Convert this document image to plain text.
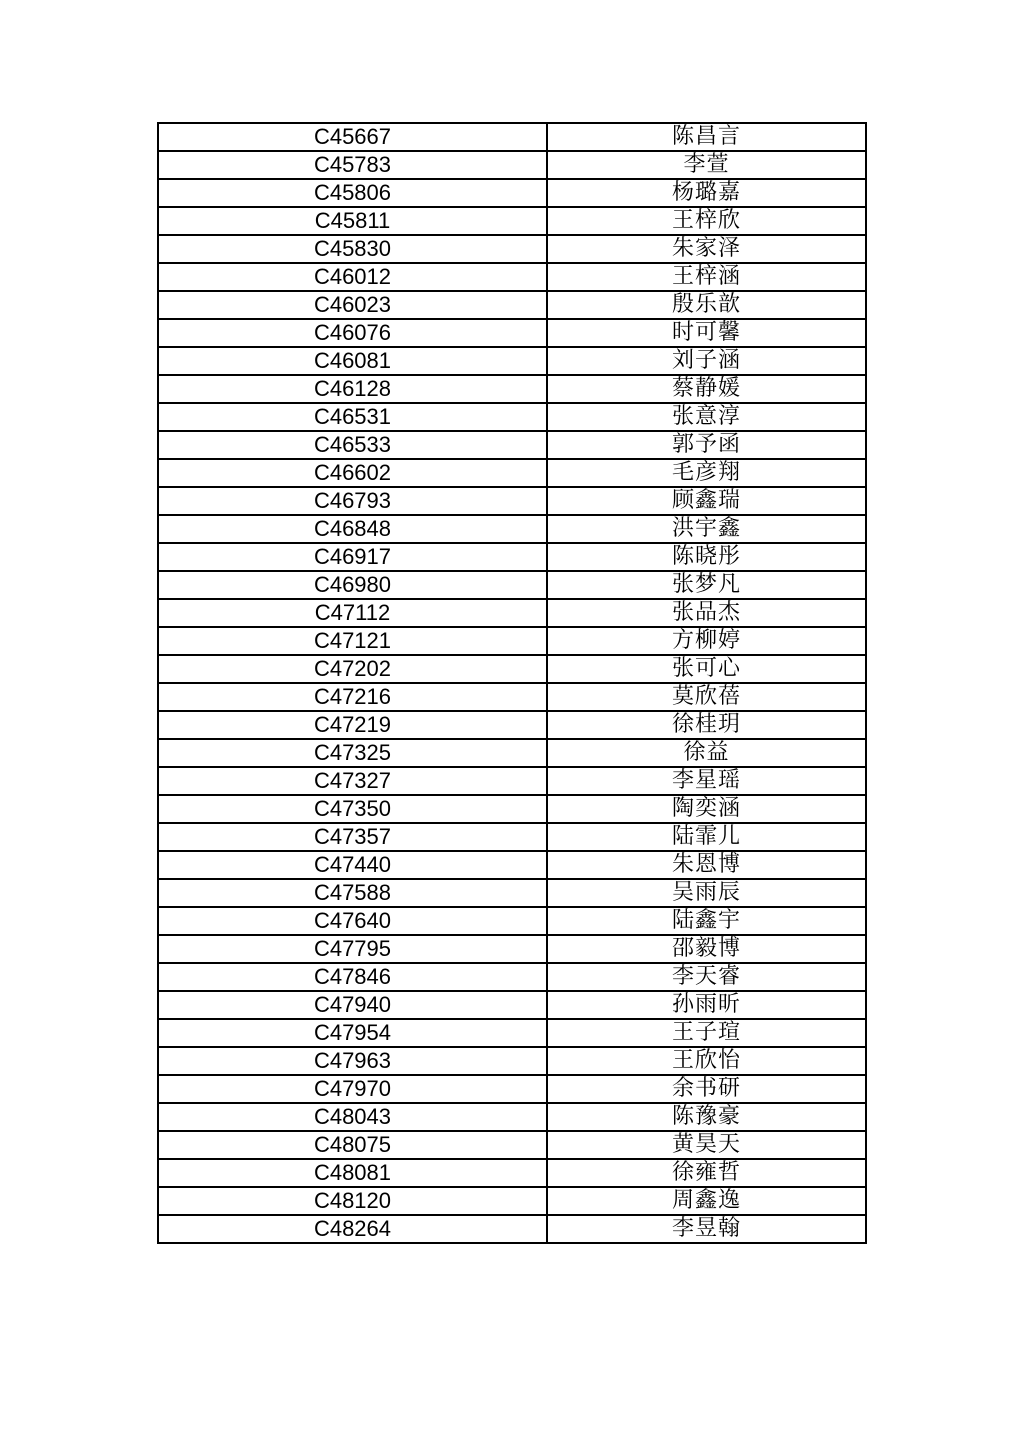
C45667	陈昌言
C45783	李萱
C45806	杨璐嘉
C45811	王梓欣
C45830	朱家泽
C46012	王梓涵
C46023	殷乐歆
C46076	时可馨
C46081	刘子涵
C46128	蔡静媛
C46531	张意淳
C46533	郭予函
C46602	毛彦翔
C46793	顾鑫瑞
C46848	洪宇鑫
C46917	陈晓彤
C46980	张梦凡
C47112	张品杰
C47121	方柳婷
C47202	张可心
C47216	莫欣蓓
C47219	徐桂玥
C47325	徐益
C47327	李星瑶
C47350	陶奕涵
C47357	陆霏儿
C47440	朱恩博
C47588	吴雨辰
C47640	陆鑫宇
C47795	邵毅博
C47846	李天睿
C47940	孙雨昕
C47954	王子瑄
C47963	王欣怡
C47970	余书研
C48043	陈豫豪
C48075	黄昊天
C48081	徐雍哲
C48120	周鑫逸
C48264	李昱翰
